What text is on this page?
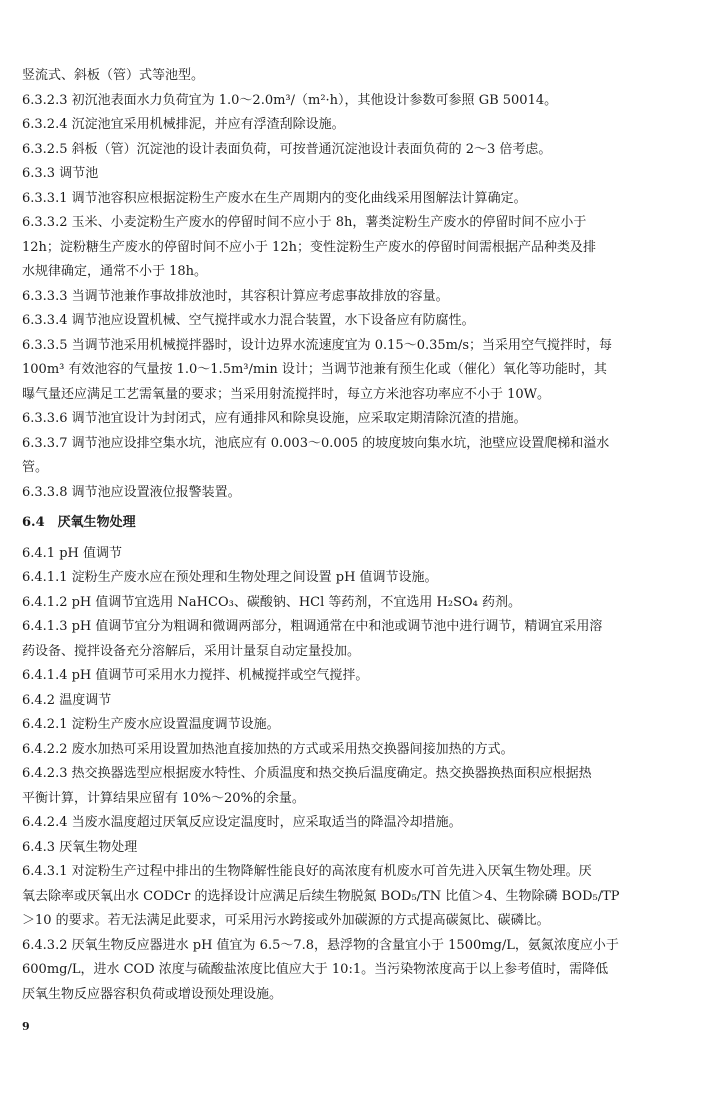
竖流式、斜板（管）式等池型。
6.3.2.3 初沉池表面水力负荷宜为 1.0～2.0m³/（m²·h），其他设计参数可参照 GB 50014。
6.3.2.4 沉淀池宜采用机械排泥，并应有浮渣刮除设施。
6.3.2.5 斜板（管）沉淀池的设计表面负荷，可按普通沉淀池设计表面负荷的 2～3 倍考虑。
6.3.3 调节池
6.3.3.1 调节池容积应根据淀粉生产废水在生产周期内的变化曲线采用图解法计算确定。
6.3.3.2 玉米、小麦淀粉生产废水的停留时间不应小于 8h，薯类淀粉生产废水的停留时间不应小于
12h；淀粉糖生产废水的停留时间不应小于 12h；变性淀粉生产废水的停留时间需根据产品种类及排
水规律确定，通常不小于 18h。
6.3.3.3 当调节池兼作事故排放池时，其容积计算应考虑事故排放的容量。
6.3.3.4 调节池应设置机械、空气搅拌或水力混合装置，水下设备应有防腐性。
6.3.3.5 当调节池采用机械搅拌器时，设计边界水流速度宜为 0.15～0.35m/s；当采用空气搅拌时，每
100m³ 有效池容的气量按 1.0～1.5m³/min 设计；当调节池兼有预生化或（催化）氧化等功能时，其
曝气量还应满足工艺需氧量的要求；当采用射流搅拌时，每立方米池容功率应不小于 10W。
6.3.3.6 调节池宜设计为封闭式，应有通排风和除臭设施，应采取定期清除沉渣的措施。
6.3.3.7 调节池应设排空集水坑，池底应有 0.003～0.005 的坡度坡向集水坑，池壁应设置爬梯和溢水
管。
6.3.3.8 调节池应设置液位报警装置。
6.4　厌氧生物处理
6.4.1 pH 值调节
6.4.1.1 淀粉生产废水应在预处理和生物处理之间设置 pH 值调节设施。
6.4.1.2 pH 值调节宜选用 NaHCO₃、碳酸钠、HCl 等药剂，不宜选用 H₂SO₄ 药剂。
6.4.1.3 pH 值调节宜分为粗调和微调两部分，粗调通常在中和池或调节池中进行调节，精调宜采用溶
药设备、搅拌设备充分溶解后，采用计量泵自动定量投加。
6.4.1.4 pH 值调节可采用水力搅拌、机械搅拌或空气搅拌。
6.4.2 温度调节
6.4.2.1 淀粉生产废水应设置温度调节设施。
6.4.2.2 废水加热可采用设置加热池直接加热的方式或采用热交换器间接加热的方式。
6.4.2.3 热交换器选型应根据废水特性、介质温度和热交换后温度确定。热交换器换热面积应根据热
平衡计算，计算结果应留有 10%～20%的余量。
6.4.2.4 当废水温度超过厌氧反应设定温度时，应采取适当的降温冷却措施。
6.4.3 厌氧生物处理
6.4.3.1 对淀粉生产过程中排出的生物降解性能良好的高浓度有机废水可首先进入厌氧生物处理。厌
氧去除率或厌氧出水 CODCr 的选择设计应满足后续生物脱氮 BOD₅/TN 比值＞4、生物除磷 BOD₅/TP
＞10 的要求。若无法满足此要求，可采用污水跨接或外加碳源的方式提高碳氮比、碳磷比。
6.4.3.2 厌氧生物反应器进水 pH 值宜为 6.5～7.8，悬浮物的含量宜小于 1500mg/L，氨氮浓度应小于
600mg/L，进水 COD 浓度与硫酸盐浓度比值应大于 10:1。当污染物浓度高于以上参考值时，需降低
厌氧生物反应器容积负荷或增设预处理设施。
9
